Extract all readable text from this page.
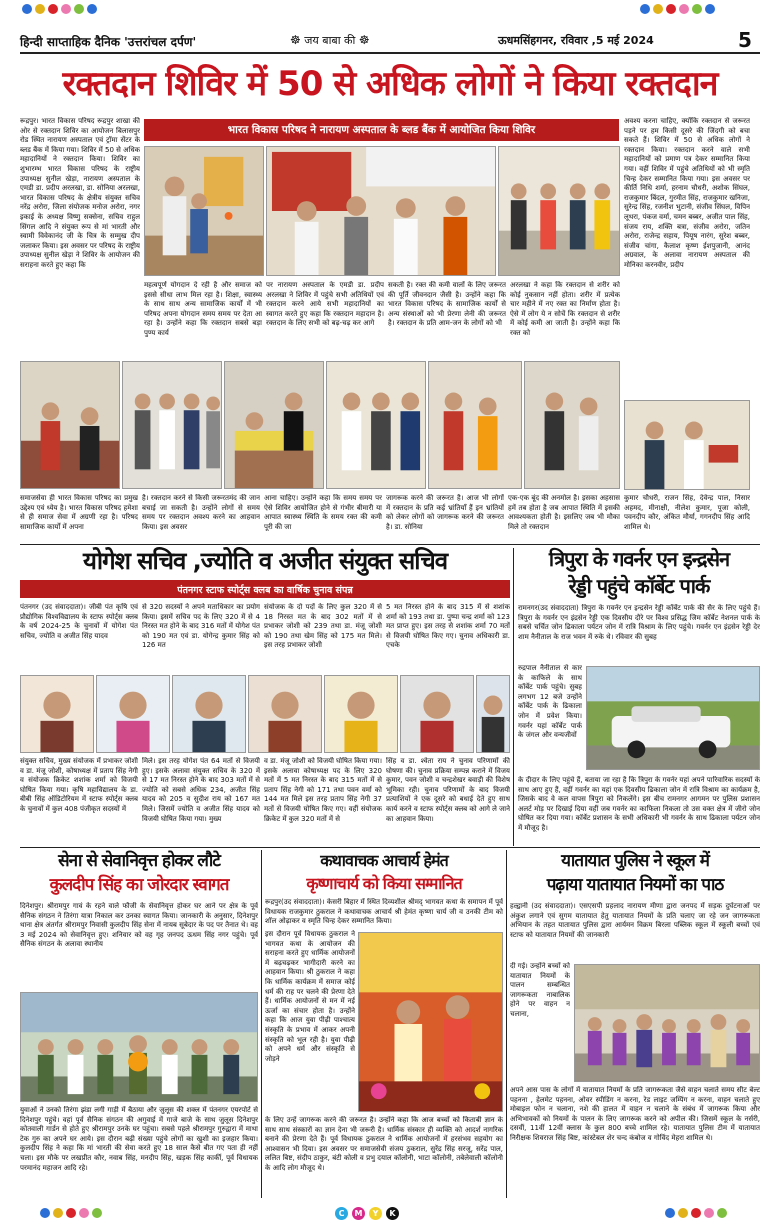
हिन्दी साप्ताहिक दैनिक 'उत्तरांचल दर्पण'	☸ जय बाबा की ☸	ऊधमसिंहगनर, रविवार ,5 मई 2024	5
रक्तदान शिविर में 50 से अधिक लोगों ने किया रक्तदान
रूद्रपुर। भारत विकास परिषद रूद्रपुर शाखा की ओर से रक्तदान शिविर का आयोजन बिलासपुर रोड स्थित नारायण अस्पताल एवं ट्रॉमा सेंटर के ब्लड बैंक में किया गया। शिविर में 50 से अधिक महादानियों ने रक्तदान किया। शिविर का शुभारम्भ भारत विकास परिषद के राष्ट्रीय उपाध्यक्ष सुनील खेड़ा, नारायण अस्पताल के एमडी डा. प्रदीप अरलखा, डा. सोनिया अरलखा, भारत विकास परिषद के क्षेत्रीय संयुक्त सचिव नरेंद्र अरोरा, जिला संयोजक मनोज अरोरा, नगर इकाई के अध्यक्ष विष्णु सक्सेना, सचिव राहुल सिंगल आदि ने संयुक्त रूप से मां भारती और स्वामी विवेकानंद जी के चित्र के सम्मुख दीप जलाकर किया। इस अवसर पर परिषद के राष्ट्रीय उपाध्यक्ष सुनील खेड़ा ने शिविर के आयोजन की सराहना करते हुए कहा कि
भारत विकास परिषद ने नारायण अस्पताल के ब्लड बैंक में आयोजित किया शिविर
अवश्य करना चाहिए, क्योंकि रक्तदान से जरूरत पड़ने पर हम किसी दूसरे की जिंदगी को बचा सकते हैं। शिविर में 50 से अधिक लोगों ने रक्तदान किया। रक्तदान करने वाले सभी महादानियों को प्रमाण पत्र देकर सम्मानित किया गया। वहीं शिविर में पहुंचे अतिथियों को भी स्मृति चिन्ह देकर सम्मानित किया गया। इस अवसर पर कीर्ति निधि शर्मा, हरनाम चौधरी, अशोक सिंघल, राजकुमार बिंदल, गुरमीत सिंह, राजकुमार खनिजा, सुरेन्द्र सिंह, रजनीश भुटानी, संजीव सिंघल, विपिन लूथरा, पंकज वर्मा, चमन बब्बर, अजीत पाल सिंह, संजय राय, शक्ति बत्रा, संजीव अरोरा, जतिन अरोरा, राजेन्द्र सहाय, पियूष नारंग, सुरेश बब्बर, संजीव चांगा, कैलाश कृष्ण ईशपुजानी, आनंद अग्रवाल, के अलावा नारायण अस्पताल की मोनिका करनवीर, प्रदीप
महत्वपूर्ण योगदान दे रही है और समाज को इससे सीधा लाभ मिल रहा है। शिक्षा, स्वास्थ्य के साथ साथ अन्य सामाजिक कार्यों में भी परिषद अपना योगदान समय समय पर देता आ रहा है। उन्होंने कहा कि रक्तदान सबसे बड़ा पुण्य कार्य
पर नारायण अस्पताल के एमडी डा. प्रदीप अरलखा ने शिविर में पहुंचे सभी अतिथियों एवं रक्तदान करने आये सभी महादानियों का स्वागत करते हुए कहा कि रक्तदान महादान है। रक्तदान के लिए सभी को बढ़-चढ़ कर आगे
सकती है। रक्त की कमी वालों के लिए जरूरत की पूर्ति जीवनदान जैसी है। उन्होंने कहा कि भारत विकास परिषद के सामाजिक कार्यों से अन्य संस्थाओं को भी प्रेरणा लेनी की जरूरत है। रक्तदान के प्रति आम-जन के लोगों को भी
अरलखा ने कहा कि रक्तदान से शरीर को कोई नुकसान नहीं होता। शरीर में प्रत्येक चार महीने में नए रक्त का निर्माण होता है। ऐसे में लोग ये न सोचें कि रक्तदान से शरीर में कोई कमी आ जाती है। उन्होंने कहा कि रक्त को
समाजसेवा ही भारत विकास परिषद का प्रमुख उद्देश्य एवं ध्येय है। भारत विकास परिषद हमेशा से ही समाज सेवा में अग्रणी रहा है। परिषद सामाजिक कार्यों में अपना
है। रक्तदान करने से किसी जरूरतमंद की जान बचाई जा सकती है। उन्होंने लोगों से समय समय पर रक्तदान अवश्य करने का आहवान किया। इस अवसर
आना चाहिए। उन्होंने कहा कि समय समय पर ऐसे शिविर आयोजित होने से गंभीर बीमारी या आपात स्वास्थ्य स्थिति के समय रक्त की कमी पूरी की जा
जागरूक करने की जरूरत है। आज भी लोगों में रक्तदान के प्रति कई भ्रांतियाँ हैं इन भ्रांतियों को लेकर लोगों को जागरूक करने की जरूरत है। डा. सोनिया
एक-एक बूंद की अनमोल है। इसका अहसास हमें तब होता है जब आपात स्थिति में इसकी आवश्यकता होती है। इसलिए जब भी मौका मिले तो रक्तदान
कुमार चौधरी, राजन सिंह, देवेन्द्र पाल, निसार अहमद, मीनाक्षी, नीलेश कुमार, पूजा कोली, पवनदीप कौर, अंकित मौर्या, गगनदीप सिंह आदि शामिल थे।
योगेश सचिव ,ज्योति व अजीत संयुक्त सचिव
पंतनगर स्टाफ स्पोर्ट्स क्लब का वार्षिक चुनाव संपन्न
पंतनगर (उद संवाददाता)। जीबी पंत कृषि एवं प्रौद्योगिक विश्वविद्यालय के स्टाफ स्पोर्ट्स क्लब के वर्ष 2024-25 के चुनावों में योगेश पंत सचिव, ज्योति व अजीत सिंह यादव
से 320 सदस्यों ने अपने मताधिकार का प्रयोग किया। इसमें सचिव पद के लिए 320 में से 4 निरस्त मत होने के बाद 316 मतों में योगेश पंत को 190 मत एवं डा. योगेन्द्र कुमार सिंह को 126 मत
संयोजक के दो पदों के लिए कुल 320 में से 18 निरस्त मत के बाद 302 मतों में से प्रभाकर जोशी को 239 तथा डा. मंजू जोशी को 190 तथा खेम सिंह को 175 मत मिले। इस तरह प्रभाकर जोशी
5 मत निरस्त होने के बाद 315 में से शशांक शर्मा को 193 तथा डा. पुष्पा चन्द्र शर्मा को 123 मत प्राप्त हुए। इस तरह से शशांक शर्मा 70 मतों से विजयी घोषित किए गए। चुनाव अधिकारी डा. एचके
संयुक्त सचिव, मुख्य संयोजक में प्रभाकर जोशी व डा. मंजू जोशी, कोषाध्यक्ष में प्रताप सिंह नेगी व संयोजक क्रिकेट शशांक शर्मा को विजयी घोषित किया गया। कृषि महाविद्यालय के डा. बीबी सिंह ऑडिटोरियम में स्टाफ स्पोर्ट्स क्लब के चुनावों में कुल 408 पंजीकृत सदस्यों में
मिले। इस तरह योगेश पंत 64 मतों से विजयी हुए। इसके अलावा संयुक्त सचिव के 320 में से 17 मत निरस्त होने के बाद 303 मतों में से ज्योति को सबसे अधिक 234, अजीत सिंह यादव को 205 व सुदीश राय को 167 मत मिले। जिसमें ज्योति व अजीत सिंह यादव को विजयी घोषित किया गया। मुख्य
व डा. मंजू जोशी को विजयी घोषित किया गया। इसके अलावा कोषाध्यक्ष पद के लिए 320 मतों में 5 मत निरस्त के बाद 315 मतों में से प्रताप सिंह नेगी को 171 तथा पवन वर्मा को 144 मत मिले इस तरह प्रताप सिंह नेगी 37 मतों से विजयी घोषित किए गए। वहीं संयोजक क्रिकेट में कुल 320 मतों में से
सिंह व डा. श्वेता राय ने चुनाव परिणामों की घोषणा की। चुनाव प्रक्रिया सम्पन्न कराने में विजय कुमार, पवन जोशी व चन्द्रशेखर बवाड़ी की विशेष भूमिका रही। चुनाव परिणामों के बाद विजयी प्रत्याशियों ने एक दूसरे को बधाई देते हुए साथ कार्य करने व स्टाफ स्पोर्ट्स क्लब को आगे ले जाने का आहवान किया।
त्रिपुरा के गवर्नर एन इन्द्रसेन
रेड्डी पहुंचे कॉर्बेट पार्क
रामनगर(उद संवाददाता) त्रिपुरा के गवर्नर एन इन्द्रसेन रेड्डी कॉर्बेट पार्क की सैर के लिए पहुंचे हैं। त्रिपुरा के गवर्नर एन इंद्रसेन रेड्डी एक दिवसीय दौरे पर विश्व प्रसिद्ध जिम कॉर्बेट नेशनल पार्क के सबसे चर्चित जोन ढिकाला पर्यटन जोन में रात्रि विश्राम के लिए पहुंचे। गवर्नर एन इंद्रसेन रेड्डी देर शाम नैनीताल के राज भवन में रुके थे। रविवार की सुबह
रुद्रपाल नैनीताल से कार के काफिले के साथ कॉर्बेट पार्क पहुंचे। सुबह लगभग 12 बजे उन्होंने कॉर्बेट पार्क के ढिकाला जोन में प्रवेश किया। गवर्नर यहां कॉर्बेट पार्क के जंगल और वन्यजीवों
के दीदार के लिए पहुंचे हैं, बताया जा रहा है कि त्रिपुरा के गवर्नर यहां अपने पारिवारिक सदस्यों के साथ आए हुए हैं, वहीं गवर्नर का यहां एक दिवसीय ढिकाला जोन में रात्रि विश्राम का कार्यक्रम है, जिसके बाद वे कल वापस त्रिपुरा को निकलेंगे। इस बीच रामनगर आगमन पर पुलिस प्रशासन अलर्ट मोड़ पर दिखाई दिया वहीं जब गवर्नर का काफिला निकला तो उस वक्त क्षेत्र में जीरो जोन घोषित कर दिया गया। कॉर्बेट प्रशासन के सभी अधिकारी भी गवर्नर के साथ ढिकाला पर्यटन जोन में मौजूद है।
सेना से सेवानिवृत्त होकर लौटे
कुलदीप सिंह का जोरदार स्वागत
दिनेशपुर। श्रीरामपुर गावं के रहने वाले फौजी के सेवानिवृत्त होकर घर आने पर क्षेत्र के पूर्व सैनिक संगठन ने तिरंगा यात्रा निकाल कर उनका स्वागत किया। जानकारी के अनुसार, दिनेशपुर थाना क्षेत्र अंतर्गत श्रीरामपुर निवासी कुलदीप सिंह सेना में नायब सूबेदार के पद पर तैनात थे। वह 3 मई 2024 को सेवानिवृत्त हुए। शनिवार को वह गृह जनपद ऊधम सिंह नगर पहुंचे। पूर्व सैनिक संगठन के अलावा स्थानीय
युवाओं ने उनको तिरंगा झंडा लगी गाड़ी में बैठाया और जुलूस की शक्ल में पंतनगर एयरपोर्ट से दिनेशपुर पहुंचे। वहां पूर्व सैनिक संगठन की अगुवाई में गाजे बाजे के साथ जुलूस दिनेशपुर कोतवाली गार्डन से होते हुए श्रीरामपुर उनके घर पहुंचा। सबसे पहले श्रीरामपुर गुरुद्वारा में माथा टेक गुरु का अपने घर आये। इस दौरान बढ़ी संख्या पहुंचे लोगों का खुशी का इजहार किया। कुलदीप सिंह ने कहा कि मां भारती की सेवा करते हुए 18 साल कैसे बीत गए पता ही नहीं चला। इस मौके पर लखप्रीत कौर, नवाब सिंह, मनदीप सिंह, खड़क सिंह कार्की, पूर्व विधायक परमानंद महाजन आदि रहे।
कथावाचक आचार्य हेमंत
कृष्णाचार्य को किया सम्मानित
रूद्रपुर(उद संवाददाता)। केसरी बिहार में स्थित दिव्यशील श्रीमद् भागवत कथा के समापन में पूर्व विधायक राजकुमार ठुकराल ने कथावाचक आचार्य श्री हेमंत कृष्णा चार्य जी व उनकी टीम को शॉल ओढ़ाकर व स्मृति चिन्ह देकर सम्मानित किया।
इस दौरान पूर्व विधायक ठुकराल ने भागवत कथा के आयोजन की सराहना करते हुए धार्मिक आयोजनों में बढ़चढ़कर भागीदारी करने का आहवान किया। श्री ठुकराल ने कहा कि धार्मिक कार्यक्रम में समाज कोई धर्म की राह पर चलने की प्रेरणा देते हैं। धार्मिक आयोजनों से मन में नई ऊर्जा का संचार होता है। उन्होंने कहा कि आज युवा पीढ़ी पाश्चात्य संस्कृति के प्रभाव में आकर अपनी संस्कृति को भूल रही है। युवा पीढ़ी को अपने धर्म और संस्कृति से जोड़ने
के लिए उन्हें जागरूक करने की जरूरत है। उन्होंने कहा कि आज बच्चों को किताबी ज्ञान के साथ साथ संस्कारों का ज्ञान देना भी जरूरी है। धार्मिक संस्कार ही व्यक्ति को आदर्श नागरिक बनाने की प्रेरणा देते हैं। पूर्व विधायक ठुकराल ने धार्मिक आयोजनों में हरसंभव सहयोग का आश्वासन भी दिया। इस अवसर पर समाजसेवी संजय ठुकराल, सुरेंद्र सिंह सरजू, सरेंद्र पाल, ललित बिष्ट, संदीप ठाकुर, बंटी कोली व प्रभु दयाल कॉलोनी, भाटा कॉलोनी, तबेलेवाली कॉलोनी के आदि लोग मौजूद थे।
यातायात पुलिस ने स्कूल में
पढ़ाया यातायात नियमों का पाठ
हल्द्वानी (उद संवाददाता)। एसएसपी प्रहलाद नारायण मीणा द्वारा जनपद में सड़क दुर्घटनाओं पर अंकुश लगाने एवं सुगम यातायात हेतु यातायात नियमों के प्रति चलाए जा रहे जन जागरूकता अभियान के तहत यातायात पुलिस द्वारा आर्यमन विक्रम बिरला पब्लिक स्कूल में स्कूली बच्चों एवं स्टाफ को यातायात नियमों की जानकारी
दी गई। उन्होंने बच्चों को यातायात नियमों के पालन सम्बन्धित जागरूकता नाबालिक होने पर वाहन न चलाना,
अपने आस पास के लोगों में यातायात नियमों के प्रति जागरूकता जैसे वाहन चलाते समय सीट बेल्ट पहनना , हेलमेट पहनना, ओवर स्पीडिंग न करना, रेड लाइट जम्पिंग न करना, वाहन चलाते हुए मोबाइल फोन न चलाना, नशे की हालत में वाहन न चलाने के संबंध में जागरूक किया और अभिभावकों को नियमों के पालन के लिए जागरूक करने को अपील की। जिसमें स्कूल के नर्सरी, दसवीं, 11वीं 12वीं क्लास के कुल 800 बच्चे शामिल रहे। यातायात पुलिस टीम में यातायात निरीक्षक शिवराज सिंह बिष्ट, कांस्टेबल शेर चन्द कंबोज व गोविंद मेहरा शामिल थे।
C	M	Y	K
